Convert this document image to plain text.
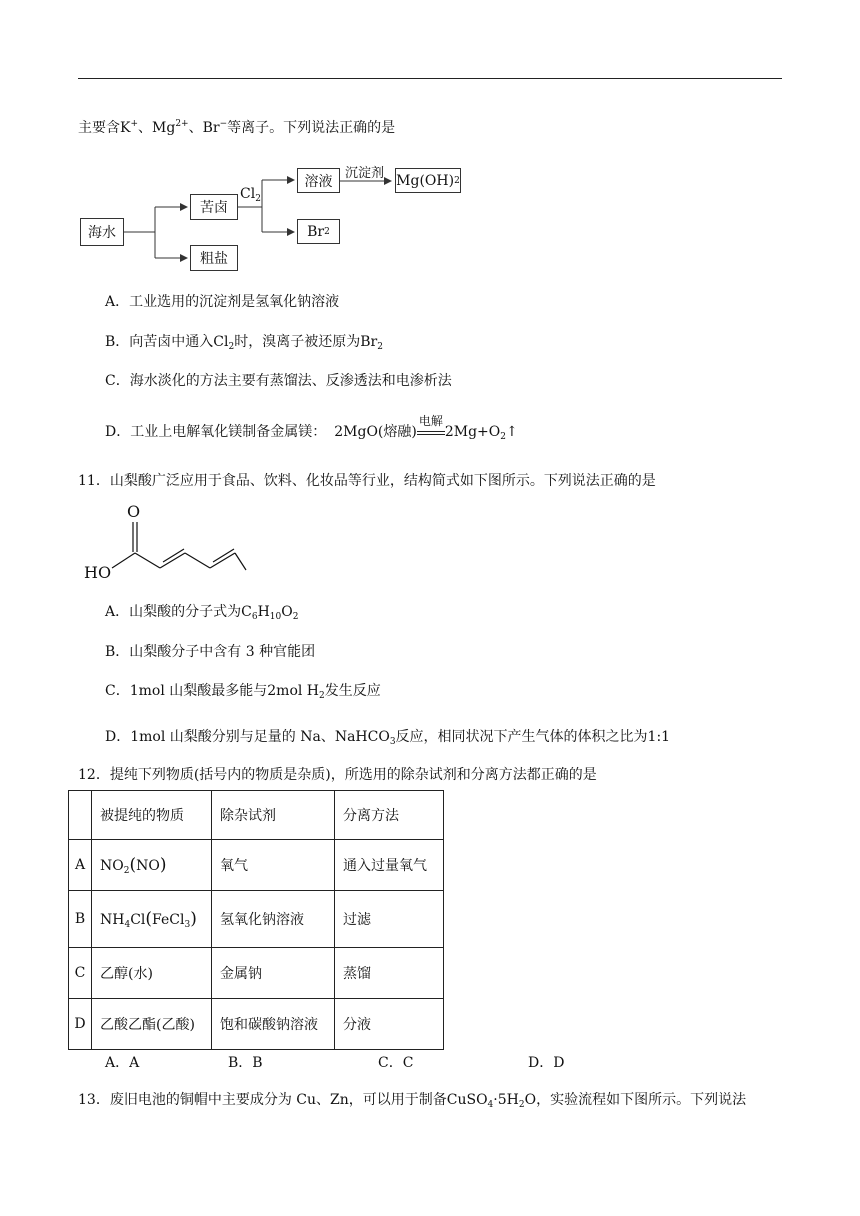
主要含K+、$Mg^{2+}$、Br−等离子。下列说法正确的是
海水
苦卤
粗盐
$Cl_2$
溶液 沉淀剂 Mg(OH) 2
Br 2
A．工业选用的沉淀剂是氢氧化钠溶液
B．向苦卤中通入$Cl_2$时，溴离子被还原为$Br_2$
C．海水淡化的方法主要有蒸馏法、反渗透法和电渗析法
D．工业上电解氧化镁制备金属镁： 2MgO(熔融)
电解
$2Mg+O_2↑$
11．山梨酸广泛应用于食品、饮料、化妆品等行业，结构简式如下图所示。下列说法正确的是
O
HO
A．山梨酸的分子式为$C_6H_{10}O_2$
B．山梨酸分子中含有 3 种官能团
C．1mol 山梨酸最多能与2mol $H_2$发生反应
D．1mol 山梨酸分别与足量的 Na、NaHCO$_3$反应，相同状况下产生气体的体积之比为1:1
12．提纯下列物质(括号内的物质是杂质)，所选用的除杂试剂和分离方法都正确的是
	被提纯的物质	除杂试剂	分离方法
A	$NO_2(NO)$	氧气	通入过量氧气
B	$NH_4Cl(FeCl_3)$	氢氧化钠溶液	过滤
C	乙醇(水)	金属钠	蒸馏
D	乙酸乙酯(乙酸)	饱和碳酸钠溶液	分液
A．A	B．B	C．C	D．D
13．废旧电池的铜帽中主要成分为 Cu、Zn，可以用于制备$CuSO_4\cdot 5H_2O$，实验流程如下图所示。下列说法
